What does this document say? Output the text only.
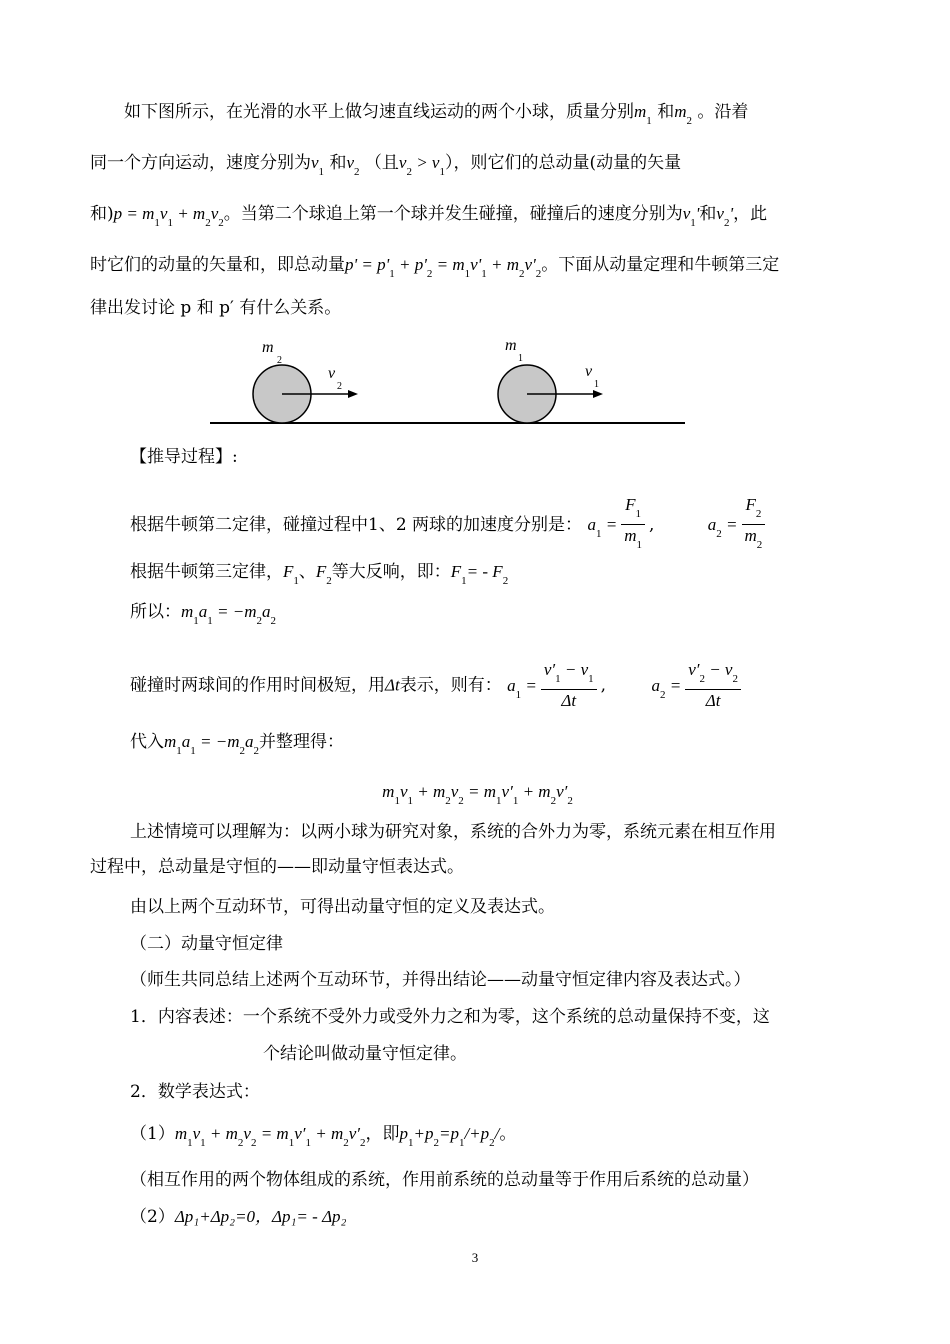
如下图所示，在光滑的水平上做匀速直线运动的两个小球，质量分别$m_1$ 和$m_2$ 。沿着
同一个方向运动，速度分别为$v_1$ 和$v_2$ （且$v_2 > v_1$），则它们的总动量(动量的矢量
和)$p = m_1v_1 + m_2v_2$。当第二个球追上第一个球并发生碰撞，碰撞后的速度分别为$v_1'$和$v_2'$，此
时它们的动量的矢量和，即总动量$p' = p'_1 + p'_2 = m_1v'_1 + m_2v'_2$。下面从动量定理和牛顿第三定
律出发讨论 p 和 p′ 有什么关系。
m
2
v
2
m
1
v
1
【推导过程】:
根据牛顿第二定律，碰撞过程中1、2 两球的加速度分别是： $a_1 = \frac{F_1}{m_1}$ ,	$a_2 = \frac{F_2}{m_2}$
根据牛顿第三定律，$F_1$、$F_2$等大反响，即：$F_1= - F_2$
所以：$m_1a_1 = -m_2a_2$
碰撞时两球间的作用时间极短，用Δt表示，则有： $a_1 = \frac{v'_1 - v_1}{\Delta t}$ , $a_2 = \frac{v'_2 - v_2}{\Delta t}$
代入$m_1a_1 = -m_2a_2$并整理得：
$m_1v_1 + m_2v_2 = m_1v'_1 + m_2v'_2$
上述情境可以理解为：以两小球为研究对象，系统的合外力为零，系统元素在相互作用
过程中，总动量是守恒的——即动量守恒表达式。
由以上两个互动环节，可得出动量守恒的定义及表达式。
（二）动量守恒定律
（师生共同总结上述两个互动环节，并得出结论——动量守恒定律内容及表达式。）
1．内容表述：一个系统不受外力或受外力之和为零，这个系统的总动量保持不变，这
个结论叫做动量守恒定律。
2．数学表达式：
$(1)m_1v_1 + m_2v_2 = m_1v'_1 + m_2v'_2$，即$p_1+p_2=p_1/+p_2/$。
（相互作用的两个物体组成的系统，作用前系统的总动量等于作用后系统的总动量）
（2）Δp₁+Δp₂=0，Δp₁= - Δp₂
3
